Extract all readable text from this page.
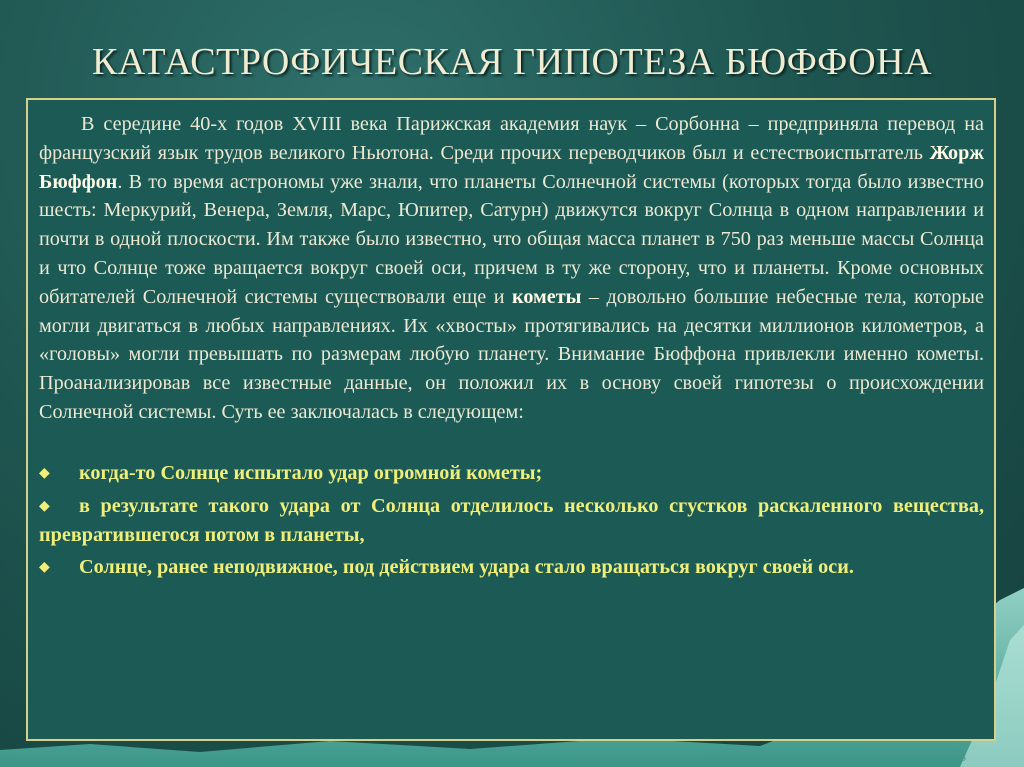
КАТАСТРОФИЧЕСКАЯ ГИПОТЕЗА БЮФФОНА

В середине 40-х годов XVIII века Парижская академия наук – Сорбонна – предприняла перевод на французский язык трудов великого Ньютона. Среди прочих переводчиков был и естествоиспытатель Жорж Бюффон. В то время астрономы уже знали, что планеты Солнечной системы (которых тогда было известно шесть: Меркурий, Венера, Земля, Марс, Юпитер, Сатурн) движутся вокруг Солнца в одном направлении и почти в одной плоскости. Им также было известно, что общая масса планет в 750 раз меньше массы Солнца и что Солнце тоже вращается вокруг своей оси, причем в ту же сторону, что и планеты. Кроме основных обитателей Солнечной системы существовали еще и кометы – довольно большие небесные тела, которые могли двигаться в любых направлениях. Их «хвосты» протягивались на десятки миллионов километров, а «головы» могли превышать по размерам любую планету. Внимание Бюффона привлекли именно кометы. Проанализировав все известные данные, он положил их в основу своей гипотезы о происхождении Солнечной системы. Суть ее заключалась в следующем:

◆ когда-то Солнце испытало удар огромной кометы;
◆ в результате такого удара от Солнца отделилось несколько сгустков раскаленного вещества, превратившегося потом в планеты,
◆ Солнце, ранее неподвижное, под действием удара стало вращаться вокруг своей оси.
5
